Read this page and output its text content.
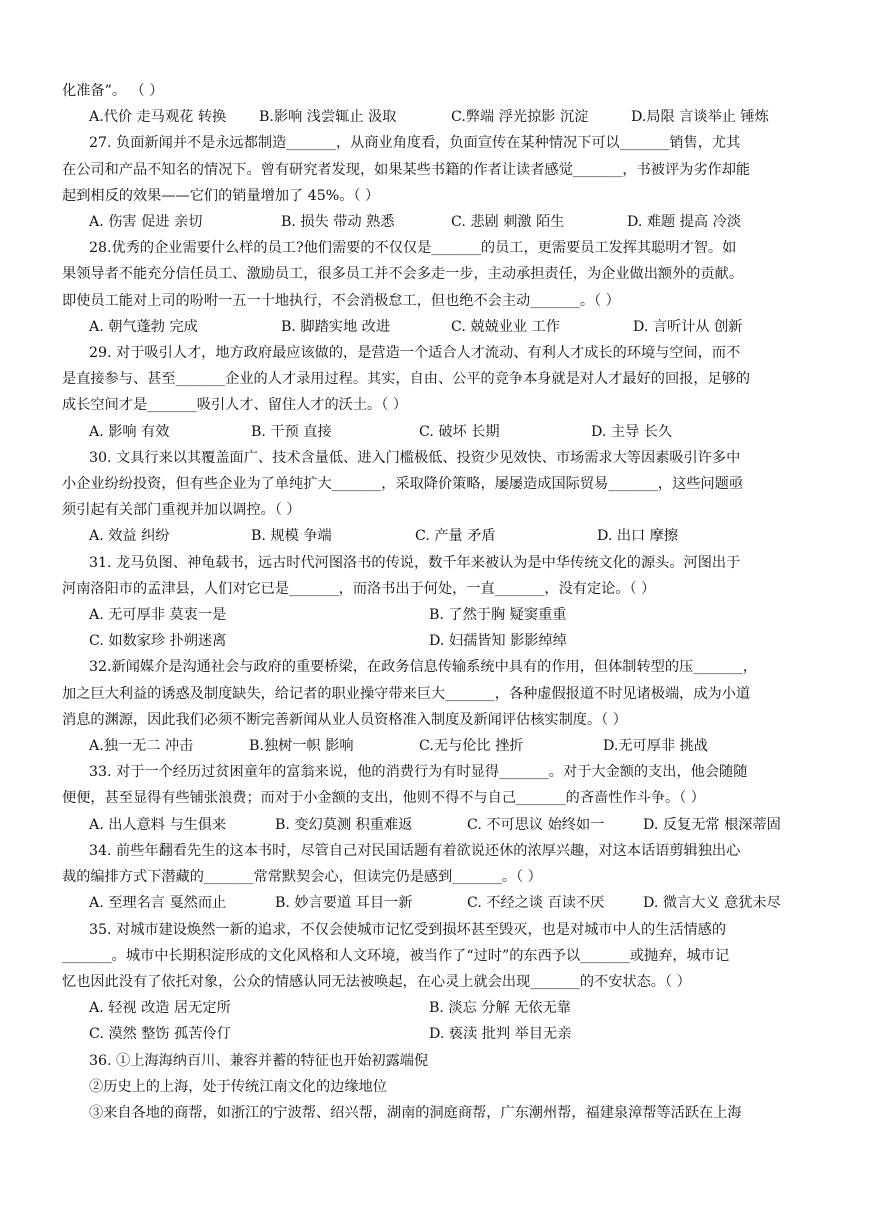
化准备”。 （ ）
A.代价 走马观花 转换	B.影响 浅尝辄止 汲取	C.弊端 浮光掠影 沉淀	D.局限 言谈举止 锤炼
27. 负面新闻并不是永远都制造_______，从商业角度看，负面宣传在某种情况下可以_______销售，尤其
在公司和产品不知名的情况下。曾有研究者发现，如果某些书籍的作者让读者感觉_______，书被评为劣作却能
起到相反的效果——它们的销量增加了 45%。（ ）
A. 伤害 促进 亲切	B. 损失 带动 熟悉	C. 悲剧 刺激 陌生	D. 难题 提高 冷淡
28.优秀的企业需要什么样的员工?他们需要的不仅仅是_______的员工，更需要员工发挥其聪明才智。如
果领导者不能充分信任员工、激励员工，很多员工并不会多走一步，主动承担责任，为企业做出额外的贡献。
即使员工能对上司的吩咐一五一十地执行，不会消极怠工，但也绝不会主动_______。（ ）
A. 朝气蓬勃 完成	B. 脚踏实地 改进	C. 兢兢业业 工作	D. 言听计从 创新
29. 对于吸引人才，地方政府最应该做的，是营造一个适合人才流动、有利人才成长的环境与空间，而不
是直接参与、甚至_______企业的人才录用过程。其实，自由、公平的竞争本身就是对人才最好的回报，足够的
成长空间才是_______吸引人才、留住人才的沃土。（ ）
A. 影响 有效	B. 干预 直接	C. 破坏 长期	D. 主导 长久
30. 文具行来以其覆盖面广、技术含量低、进入门槛极低、投资少见效快、市场需求大等因素吸引许多中
小企业纷纷投资，但有些企业为了单纯扩大_______，采取降价策略，屡屡造成国际贸易_______，这些问题亟
须引起有关部门重视并加以调控。（ ）
A. 效益 纠纷	B. 规模 争端	C. 产量 矛盾	D. 出口 摩擦
31. 龙马负图、神龟载书，远古时代河图洛书的传说，数千年来被认为是中华传统文化的源头。河图出于
河南洛阳市的孟津县，人们对它已是_______，而洛书出于何处，一直_______，没有定论。（ ）
A. 无可厚非 莫衷一是	B. 了然于胸 疑窦重重
C. 如数家珍 扑朔迷离	D. 妇孺皆知 影影绰绰
32.新闻媒介是沟通社会与政府的重要桥梁，在政务信息传输系统中具有的作用，但体制转型的压_______，
加之巨大利益的诱惑及制度缺失，给记者的职业操守带来巨大_______，各种虚假报道不时见诸极端，成为小道
消息的渊源，因此我们必须不断完善新闻从业人员资格准入制度及新闻评估核实制度。（ ）
A.独一无二 冲击	B.独树一帜 影响	C.无与伦比 挫折	D.无可厚非 挑战
33. 对于一个经历过贫困童年的富翁来说，他的消费行为有时显得_______。对于大金额的支出，他会随随
便便，甚至显得有些铺张浪费；而对于小金额的支出，他则不得不与自己_______的吝啬性作斗争。（ ）
A. 出人意料 与生俱来	B. 变幻莫测 积重难返	C. 不可思议 始终如一	D. 反复无常 根深蒂固
34. 前些年翻看先生的这本书时，尽管自己对民国话题有着欲说还休的浓厚兴趣，对这本话语剪辑独出心
裁的编排方式下潜藏的_______常常默契会心，但读完仍是感到_______。（ ）
A. 至理名言 戛然而止	B. 妙言要道 耳目一新	C. 不经之谈 百读不厌	D. 微言大义 意犹未尽
35. 对城市建设焕然一新的追求，不仅会使城市记忆受到损坏甚至毁灭，也是对城市中人的生活情感的
_______。城市中长期积淀形成的文化风格和人文环境，被当作了“过时”的东西予以_______或抛弃，城市记
忆也因此没有了依托对象，公众的情感认同无法被唤起，在心灵上就会出现_______的不安状态。（ ）
A. 轻视 改造 居无定所	B. 淡忘 分解 无依无靠
C. 漠然 整饬 孤苦伶仃	D. 亵渎 批判 举目无亲
36. ①上海海纳百川、兼容并蓄的特征也开始初露端倪
②历史上的上海，处于传统江南文化的边缘地位
③来自各地的商帮，如浙江的宁波帮、绍兴帮，湖南的洞庭商帮，广东潮州帮，福建泉漳帮等活跃在上海
